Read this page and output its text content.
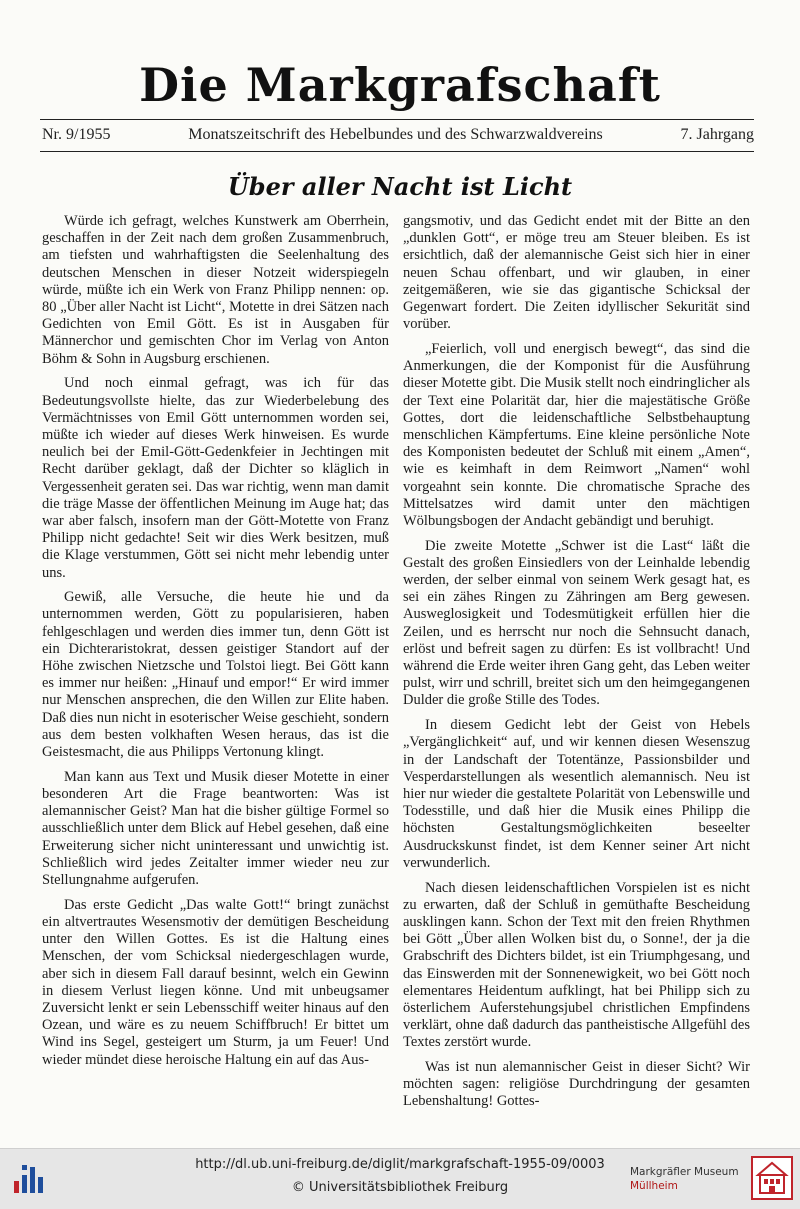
Die Markgrafschaft
Nr. 9/1955	Monatszeitschrift des Hebelbundes und des Schwarzwaldvereins	7. Jahrgang
Über aller Nacht ist Licht

Würde ich gefragt, welches Kunstwerk am Oberrhein, geschaffen in der Zeit nach dem großen Zusammenbruch, am tiefsten und wahrhaftigsten die Seelenhaltung des deutschen Menschen in dieser Notzeit widerspiegeln würde, müßte ich ein Werk von Franz Philipp nennen: op. 80 „Über aller Nacht ist Licht“, Motette in drei Sätzen nach Gedichten von Emil Gött. Es ist in Ausgaben für Männerchor und gemischten Chor im Verlag von Anton Böhm & Sohn in Augsburg erschienen.

Und noch einmal gefragt, was ich für das Bedeutungsvollste hielte, das zur Wiederbelebung des Vermächtnisses von Emil Gött unternommen worden sei, müßte ich wieder auf dieses Werk hinweisen. Es wurde neulich bei der Emil-Gött-Gedenkfeier in Jechtingen mit Recht darüber geklagt, daß der Dichter so kläglich in Vergessenheit geraten sei. Das war richtig, wenn man damit die träge Masse der öffentlichen Meinung im Auge hat; das war aber falsch, insofern man der Gött-Motette von Franz Philipp nicht gedachte! Seit wir dies Werk besitzen, muß die Klage verstummen, Gött sei nicht mehr lebendig unter uns.

Gewiß, alle Versuche, die heute hie und da unternommen werden, Gött zu popularisieren, haben fehlgeschlagen und werden dies immer tun, denn Gött ist ein Dichteraristokrat, dessen geistiger Standort auf der Höhe zwischen Nietzsche und Tolstoi liegt. Bei Gött kann es immer nur heißen: „Hinauf und empor!“ Er wird immer nur Menschen ansprechen, die den Willen zur Elite haben. Daß dies nun nicht in esoterischer Weise geschieht, sondern aus dem besten volkhaften Wesen heraus, das ist die Geistesmacht, die aus Philipps Vertonung klingt.

Man kann aus Text und Musik dieser Motette in einer besonderen Art die Frage beantworten: Was ist alemannischer Geist? Man hat die bisher gültige Formel so ausschließlich unter dem Blick auf Hebel gesehen, daß eine Erweiterung sicher nicht uninteressant und unwichtig ist. Schließlich wird jedes Zeitalter immer wieder neu zur Stellungnahme aufgerufen.

Das erste Gedicht „Das walte Gott!“ bringt zunächst ein altvertrautes Wesensmotiv der demütigen Bescheidung unter den Willen Gottes. Es ist die Haltung eines Menschen, der vom Schicksal niedergeschlagen wurde, aber sich in diesem Fall darauf besinnt, welch ein Gewinn in diesem Verlust liegen könne. Und mit unbeugsamer Zuversicht lenkt er sein Lebensschiff weiter hinaus auf den Ozean, und wäre es zu neuem Schiffbruch! Er bittet um Wind ins Segel, gesteigert um Sturm, ja um Feuer! Und wieder mündet diese heroische Haltung ein auf das Aus-

gangsmotiv, und das Gedicht endet mit der Bitte an den „dunklen Gott“, er möge treu am Steuer bleiben. Es ist ersichtlich, daß der alemannische Geist sich hier in einer neuen Schau offenbart, und wir glauben, in einer zeitgemäßeren, wie sie das gigantische Schicksal der Gegenwart fordert. Die Zeiten idyllischer Sekurität sind vorüber.

„Feierlich, voll und energisch bewegt“, das sind die Anmerkungen, die der Komponist für die Ausführung dieser Motette gibt. Die Musik stellt noch eindringlicher als der Text eine Polarität dar, hier die majestätische Größe Gottes, dort die leidenschaftliche Selbstbehauptung menschlichen Kämpfertums. Eine kleine persönliche Note des Komponisten bedeutet der Schluß mit einem „Amen“, wie es keimhaft in dem Reimwort „Namen“ wohl vorgeahnt sein konnte. Die chromatische Sprache des Mittelsatzes wird damit unter den mächtigen Wölbungsbogen der Andacht gebändigt und beruhigt.

Die zweite Motette „Schwer ist die Last“ läßt die Gestalt des großen Einsiedlers von der Leinhalde lebendig werden, der selber einmal von seinem Werk gesagt hat, es sei ein zähes Ringen zu Zähringen am Berg gewesen. Ausweglosigkeit und Todesmütigkeit erfüllen hier die Zeilen, und es herrscht nur noch die Sehnsucht danach, erlöst und befreit sagen zu dürfen: Es ist vollbracht! Und während die Erde weiter ihren Gang geht, das Leben weiter pulst, wirr und schrill, breitet sich um den heimgegangenen Dulder die große Stille des Todes.

In diesem Gedicht lebt der Geist von Hebels „Vergänglichkeit“ auf, und wir kennen diesen Wesenszug in der Landschaft der Totentänze, Passionsbilder und Vesperdarstellungen als wesentlich alemannisch. Neu ist hier nur wieder die gestaltete Polarität von Lebenswille und Todesstille, und daß hier die Musik eines Philipp die höchsten Gestaltungsmöglichkeiten beseelter Ausdruckskunst findet, ist dem Kenner seiner Art nicht verwunderlich.

Nach diesen leidenschaftlichen Vorspielen ist es nicht zu erwarten, daß der Schluß in gemüthafte Bescheidung ausklingen kann. Schon der Text mit den freien Rhythmen bei Gött „Über allen Wolken bist du, o Sonne!, der ja die Grabschrift des Dichters bildet, ist ein Triumphgesang, und das Einswerden mit der Sonnenewigkeit, wo bei Gött noch elementares Heidentum aufklingt, hat bei Philipp sich zu österlichem Auferstehungsjubel christlichen Empfindens verklärt, ohne daß dadurch das pantheistische Allgefühl des Textes zerstört wurde.

Was ist nun alemannischer Geist in dieser Sicht? Wir möchten sagen: religiöse Durchdringung der gesamten Lebenshaltung! Gottes-

http://dl.ub.uni-freiburg.de/diglit/markgrafschaft-1955-09/0003
© Universitätsbibliothek Freiburg
Markgräfler Museum
Müllheim
